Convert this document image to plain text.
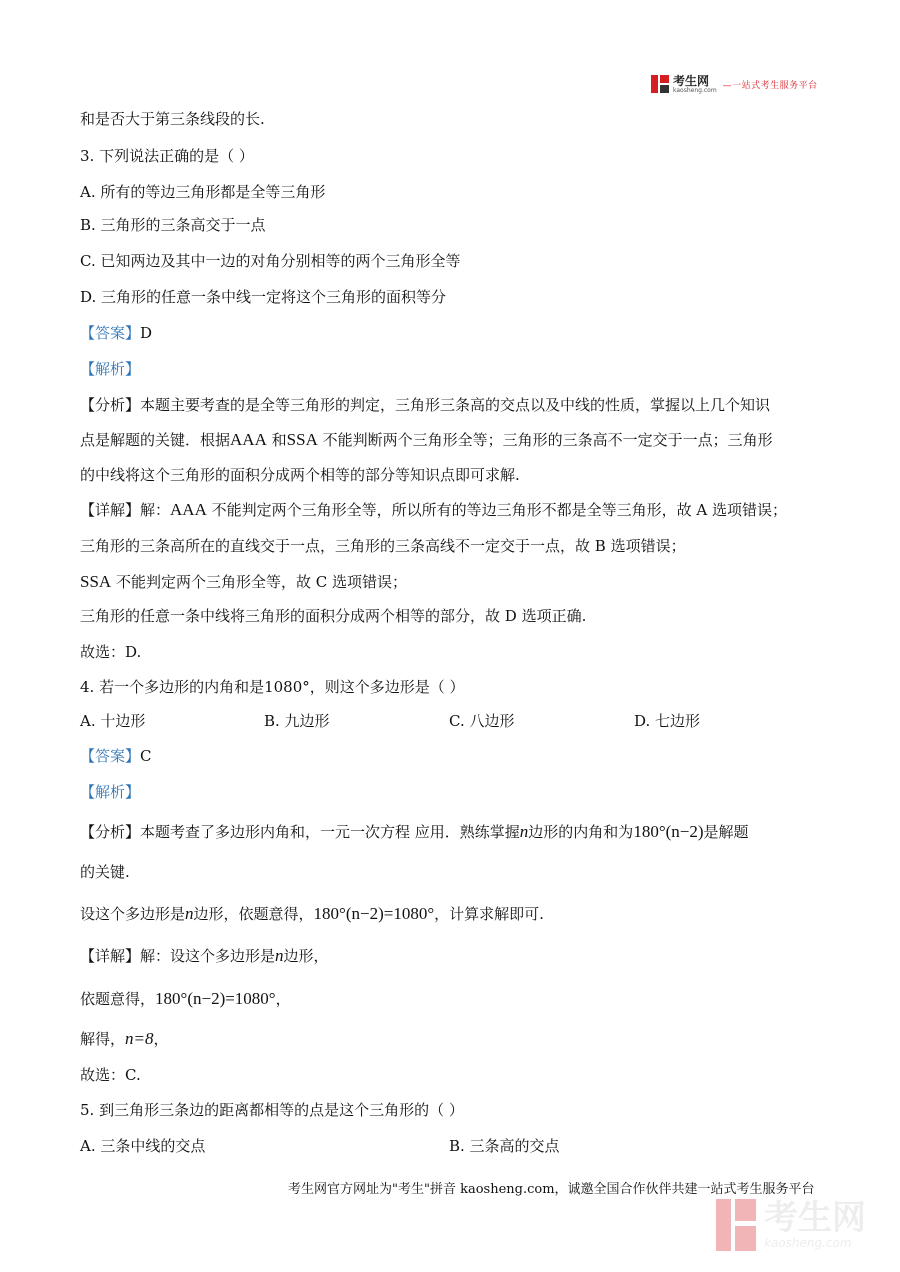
考生网
kaosheng.com —一站式考生服务平台
和是否大于第三条线段的长.
3. 下列说法正确的是（ ）
A. 所有的等边三角形都是全等三角形
B. 三角形的三条高交于一点
C. 已知两边及其中一边的对角分别相等的两个三角形全等
D. 三角形的任意一条中线一定将这个三角形的面积等分
【答案】D
【解析】
【分析】本题主要考查的是全等三角形的判定，三角形三条高的交点以及中线的性质，掌握以上几个知识
点是解题的关键．根据AAA 和SSA 不能判断两个三角形全等；三角形的三条高不一定交于一点；三角形
的中线将这个三角形的面积分成两个相等的部分等知识点即可求解.
【详解】解：AAA 不能判定两个三角形全等，所以所有的等边三角形不都是全等三角形，故 A 选项错误；
三角形的三条高所在的直线交于一点，三角形的三条高线不一定交于一点，故 B 选项错误；
SSA 不能判定两个三角形全等，故 C 选项错误；
三角形的任意一条中线将三角形的面积分成两个相等的部分，故 D 选项正确.
故选：D.
4. 若一个多边形的内角和是1080°，则这个多边形是（ ）
A. 十边形	B. 九边形	C. 八边形	D. 七边形
【答案】C
【解析】
【分析】本题考查了多边形内角和，一元一次方程 应用．熟练掌握n边形的内角和为180°(n−2)是解题
的关键.
设这个多边形是n边形，依题意得，180°(n−2)=1080°，计算求解即可.
【详解】解：设这个多边形是n边形，
依题意得，180°(n−2)=1080°，
解得，n=8，
故选：C.
5. 到三角形三条边的距离都相等的点是这个三角形的（ ）
A. 三条中线的交点	B. 三条高的交点
考生网官方网址为"考生"拼音 kaosheng.com，诚邀全国合作伙伴共建一站式考生服务平台
考生网
kaosheng.com
